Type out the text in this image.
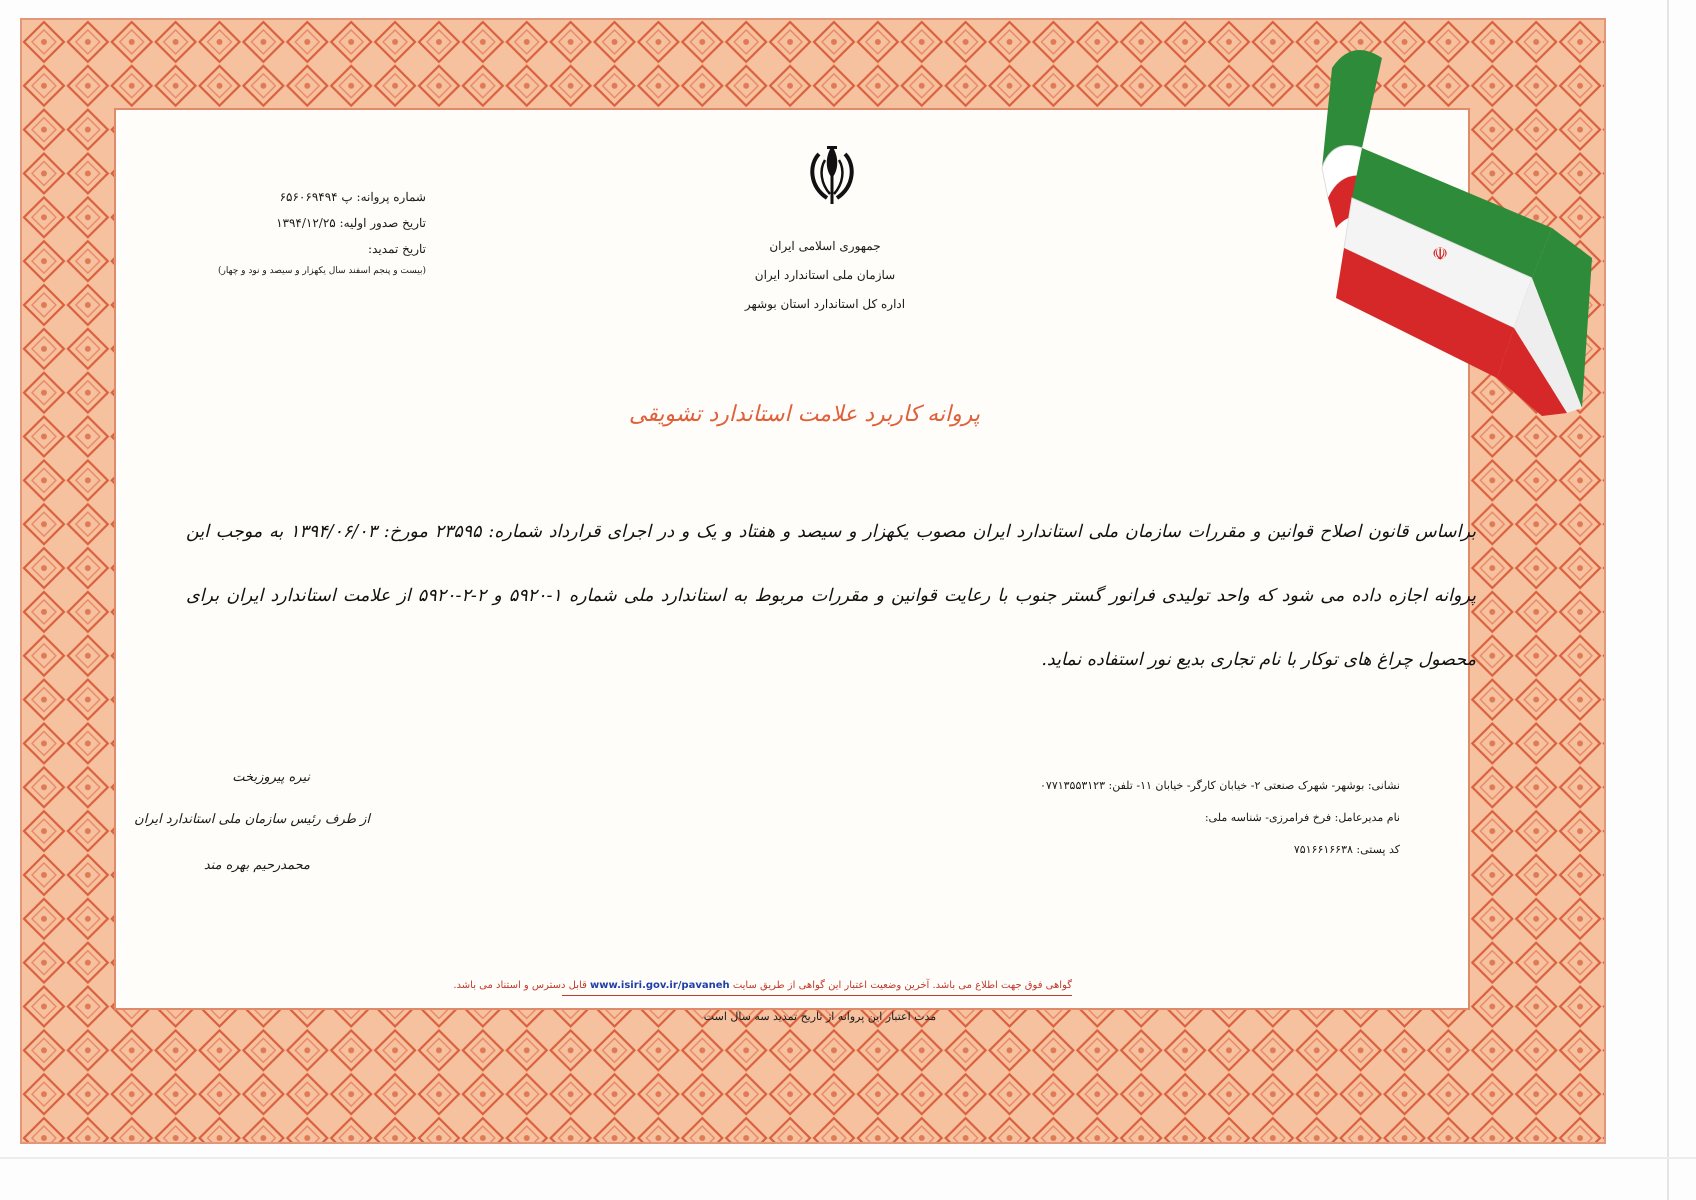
☫
جمهوری اسلامی ایران
سازمان ملی استاندارد ایران
اداره کل استاندارد استان بوشهر
شماره پروانه: پ ۶۵۶۰۶۹۴۹۴
تاریخ صدور اولیه: ۱۳۹۴/۱۲/۲۵
تاریخ تمدید:
(بیست و پنجم اسفند سال یکهزار و سیصد و نود و چهار)
پروانه کاربرد علامت استاندارد تشویقی
براساس قانون اصلاح قوانین و مقررات سازمان ملی استاندارد ایران مصوب یکهزار و سیصد و هفتاد و یک و در اجرای قرارداد شماره: ۲۳۵۹۵ مورخ: ۱۳۹۴/۰۶/۰۳ به موجب این پروانه اجازه داده می شود که واحد تولیدی فرانور گستر جنوب با رعایت قوانین و مقررات مربوط به استاندارد ملی شماره ۱-۵۹۲۰ و ۲-۲-۵۹۲۰ از علامت استاندارد ایران برای محصول چراغ های توکار با نام تجاری بدیع نور استفاده نماید.
نشانی: بوشهر- شهرک صنعتی ۲- خیابان کارگر- خیابان ۱۱- تلفن: ۰۷۷۱۳۵۵۳۱۲۳
نام مدیرعامل: فرخ فرامرزی- شناسه ملی:
کد پستی: ۷۵۱۶۶۱۶۶۳۸
نیره پیروزبخت
از طرف رئیس سازمان ملی استاندارد ایران
محمدرحیم بهره مند
گواهی فوق جهت اطلاع می باشد. آخرین وضعیت اعتبار این گواهی از طریق سایت www.isiri.gov.ir/pavaneh قابل دسترس و استناد می باشد.
مدت اعتبار این پروانه از تاریخ تمدید سه سال است
